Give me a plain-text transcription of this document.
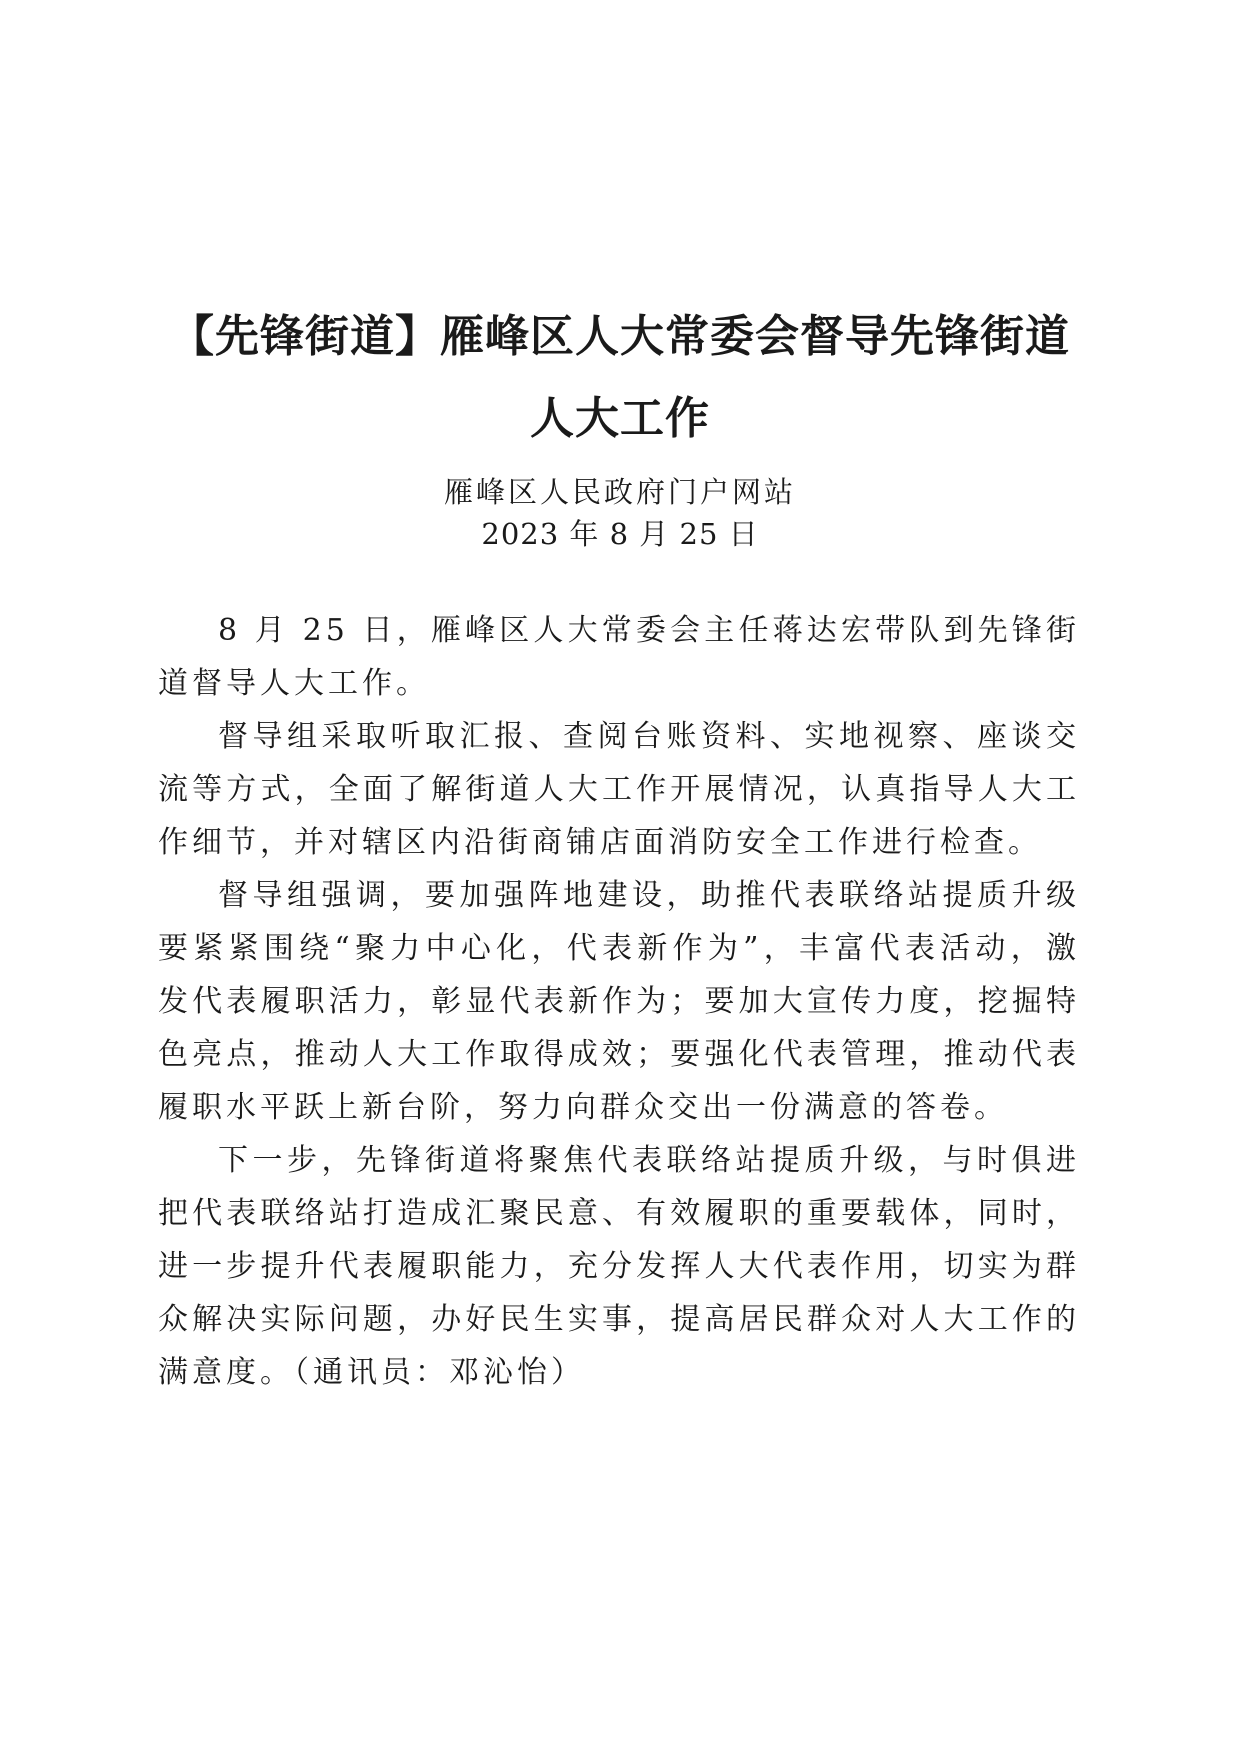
【先锋街道】雁峰区人大常委会督导先锋街道
人大工作
雁峰区人民政府门户网站
2023 年 8 月 25 日

8 月 25 日，雁峰区人大常委会主任蒋达宏带队到先锋街道督导人大工作。

督导组采取听取汇报、查阅台账资料、实地视察、座谈交流等方式，全面了解街道人大工作开展情况，认真指导人大工作细节，并对辖区内沿街商铺店面消防安全工作进行检查。

督导组强调，要加强阵地建设，助推代表联络站提质升级要紧紧围绕“聚力中心化，代表新作为”，丰富代表活动，激发代表履职活力，彰显代表新作为；要加大宣传力度，挖掘特色亮点，推动人大工作取得成效；要强化代表管理，推动代表履职水平跃上新台阶，努力向群众交出一份满意的答卷。

下一步，先锋街道将聚焦代表联络站提质升级，与时俱进把代表联络站打造成汇聚民意、有效履职的重要载体，同时，进一步提升代表履职能力，充分发挥人大代表作用，切实为群众解决实际问题，办好民生实事，提高居民群众对人大工作的满意度。（通讯员：邓沁怡）
